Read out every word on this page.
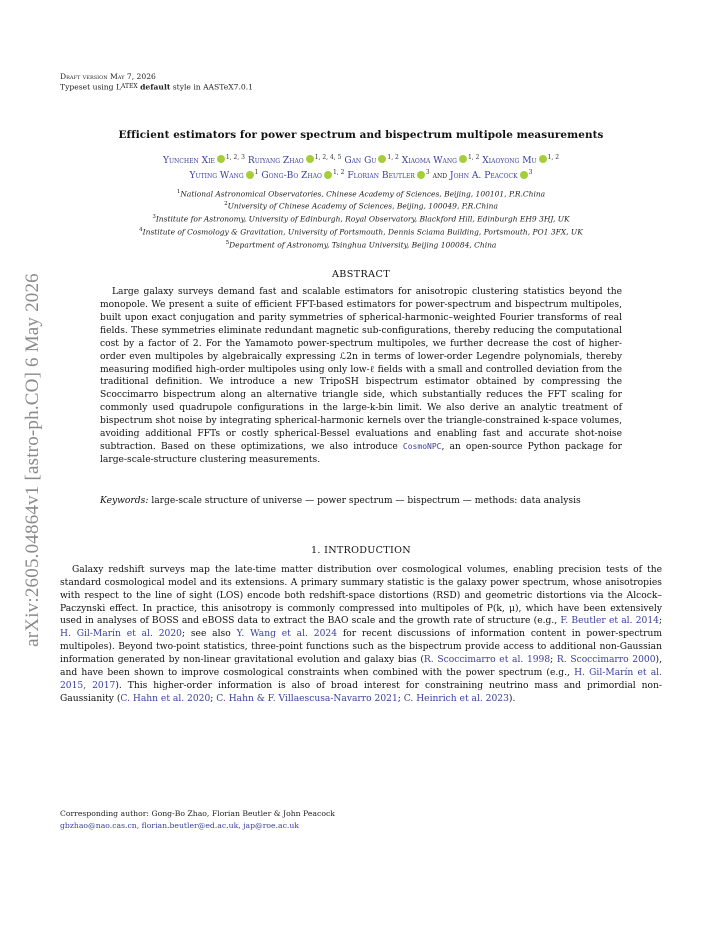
arXiv:2605.04864v1 [astro-ph.CO] 6 May 2026
Draft version May 7, 2026
Typeset using LATEX default style in AASTeX7.0.1
Efficient estimators for power spectrum and bispectrum multipole measurements
Yunchen Xie $^{1, 2, 3}$ Ruiyang Zhao $^{1, 2, 4, 5}$ Gan Gu $^{1, 2}$ Xiaoma Wang $^{1, 2}$ Xiaoyong Mu $^{1, 2}$
Yuting Wang $^1$ Gong-Bo Zhao $^{1, 2}$ Florian Beutler $^3$ and John A. Peacock $^3$
$^1$National Astronomical Observatories, Chinese Academy of Sciences, Beijing, 100101, P.R.China
$^2$University of Chinese Academy of Sciences, Beijing, 100049, P.R.China
$^3$Institute for Astronomy, University of Edinburgh, Royal Observatory, Blackford Hill, Edinburgh EH9 3HJ, UK
$^4$Institute of Cosmology & Gravitation, University of Portsmouth, Dennis Sciama Building, Portsmouth, PO1 3FX, UK
$^5$Department of Astronomy, Tsinghua University, Beijing 100084, China
ABSTRACT
Large galaxy surveys demand fast and scalable estimators for anisotropic clustering statistics beyond the monopole. We present a suite of efficient FFT-based estimators for power-spectrum and bispectrum multipoles, built upon exact conjugation and parity symmetries of spherical-harmonic–weighted Fourier transforms of real fields. These symmetries eliminate redundant magnetic sub-configurations, thereby reducing the computational cost by a factor of 2. For the Yamamoto power-spectrum multipoles, we further decrease the cost of higher-order even multipoles by algebraically expressing ℒ2n in terms of lower-order Legendre polynomials, thereby measuring modified high-order multipoles using only low-ℓ fields with a small and controlled deviation from the traditional definition. We introduce a new TripoSH bispectrum estimator obtained by compressing the Scoccimarro bispectrum along an alternative triangle side, which substantially reduces the FFT scaling for commonly used quadrupole configurations in the large-k-bin limit. We also derive an analytic treatment of bispectrum shot noise by integrating spherical-harmonic kernels over the triangle-constrained k-space volumes, avoiding additional FFTs or costly spherical-Bessel evaluations and enabling fast and accurate shot-noise subtraction. Based on these optimizations, we also introduce CosmoNPC, an open-source Python package for large-scale-structure clustering measurements.
Keywords: large-scale structure of universe — power spectrum — bispectrum — methods: data analysis
1. INTRODUCTION
Galaxy redshift surveys map the late-time matter distribution over cosmological volumes, enabling precision tests of the standard cosmological model and its extensions. A primary summary statistic is the galaxy power spectrum, whose anisotropies with respect to the line of sight (LOS) encode both redshift-space distortions (RSD) and geometric distortions via the Alcock–Paczynski effect. In practice, this anisotropy is commonly compressed into multipoles of P(k, μ), which have been extensively used in analyses of BOSS and eBOSS data to extract the BAO scale and the growth rate of structure (e.g., F. Beutler et al. 2014; H. Gil-Marín et al. 2020; see also Y. Wang et al. 2024 for recent discussions of information content in power-spectrum multipoles). Beyond two-point statistics, three-point functions such as the bispectrum provide access to additional non-Gaussian information generated by non-linear gravitational evolution and galaxy bias (R. Scoccimarro et al. 1998; R. Scoccimarro 2000), and have been shown to improve cosmological constraints when combined with the power spectrum (e.g., H. Gil-Marín et al. 2015, 2017). This higher-order information is also of broad interest for constraining neutrino mass and primordial non-Gaussianity (C. Hahn et al. 2020; C. Hahn & F. Villaescusa-Navarro 2021; C. Heinrich et al. 2023).
Corresponding author: Gong-Bo Zhao, Florian Beutler & John Peacock
gbzhao@nao.cas.cn, florian.beutler@ed.ac.uk, jap@roe.ac.uk
